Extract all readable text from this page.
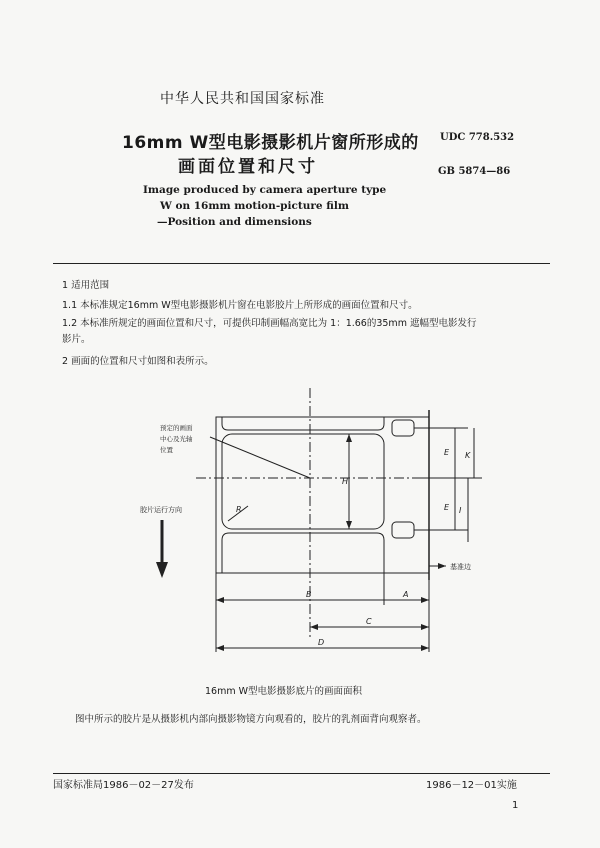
中华人民共和国国家标准
16mm W型电影摄影机片窗所形成的
画面位置和尺寸
Image produced by camera aperture type
W on 16mm motion-picture film
—Position and dimensions
UDC 778.532
GB 5874—86
1 适用范围
1.1 本标准规定16mm W型电影摄影机片窗在电影胶片上所形成的画面位置和尺寸。
1.2 本标准所规定的画面位置和尺寸，可提供印制画幅高宽比为 1：1.66的35mm 遮幅型电影发行
影片。
2 画面的位置和尺寸如图和表所示。
预定的画面
中心及光轴
位置
胶片运行方向
基准边
B	A
C
D
H
E
E
K
I
R
16mm W型电影摄影底片的画面面积
图中所示的胶片是从摄影机内部向摄影物镜方向观看的，胶片的乳剂面背向观察者。
国家标准局1986－02－27发布	1986－12－01实施
1
